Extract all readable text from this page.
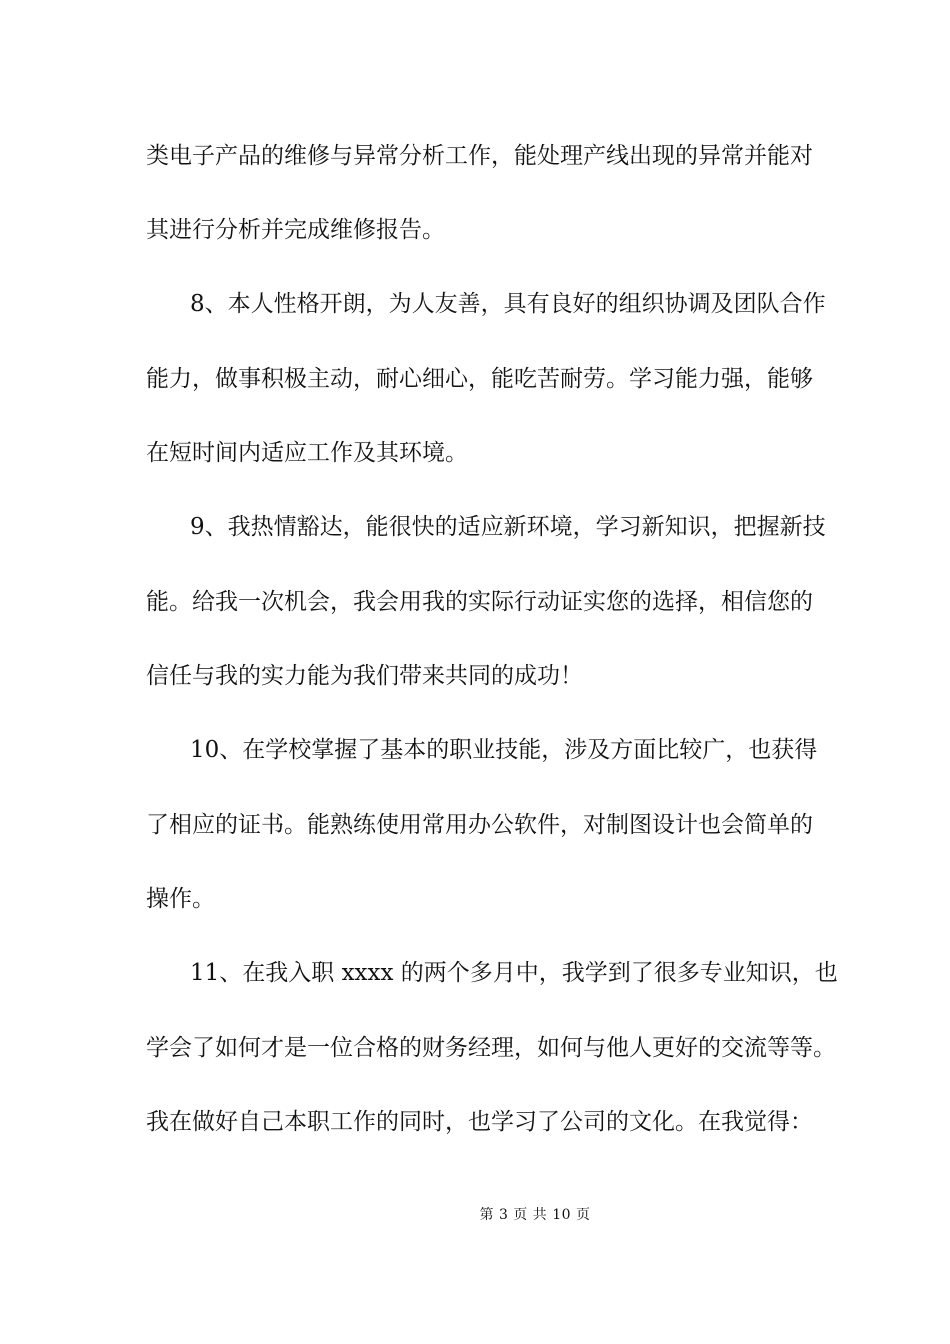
类电子产品的维修与异常分析工作，能处理产线出现的异常并能对
其进行分析并完成维修报告。
8、本人性格开朗，为人友善，具有良好的组织协调及团队合作
能力，做事积极主动，耐心细心，能吃苦耐劳。学习能力强，能够
在短时间内适应工作及其环境。
9、我热情豁达，能很快的适应新环境，学习新知识，把握新技
能。给我一次机会，我会用我的实际行动证实您的选择，相信您的
信任与我的实力能为我们带来共同的成功！
10、在学校掌握了基本的职业技能，涉及方面比较广，也获得
了相应的证书。能熟练使用常用办公软件，对制图设计也会简单的
操作。
11、在我入职 xxxx 的两个多月中，我学到了很多专业知识，也
学会了如何才是一位合格的财务经理，如何与他人更好的交流等等。
我在做好自己本职工作的同时，也学习了公司的文化。在我觉得：
第 3 页 共 10 页
